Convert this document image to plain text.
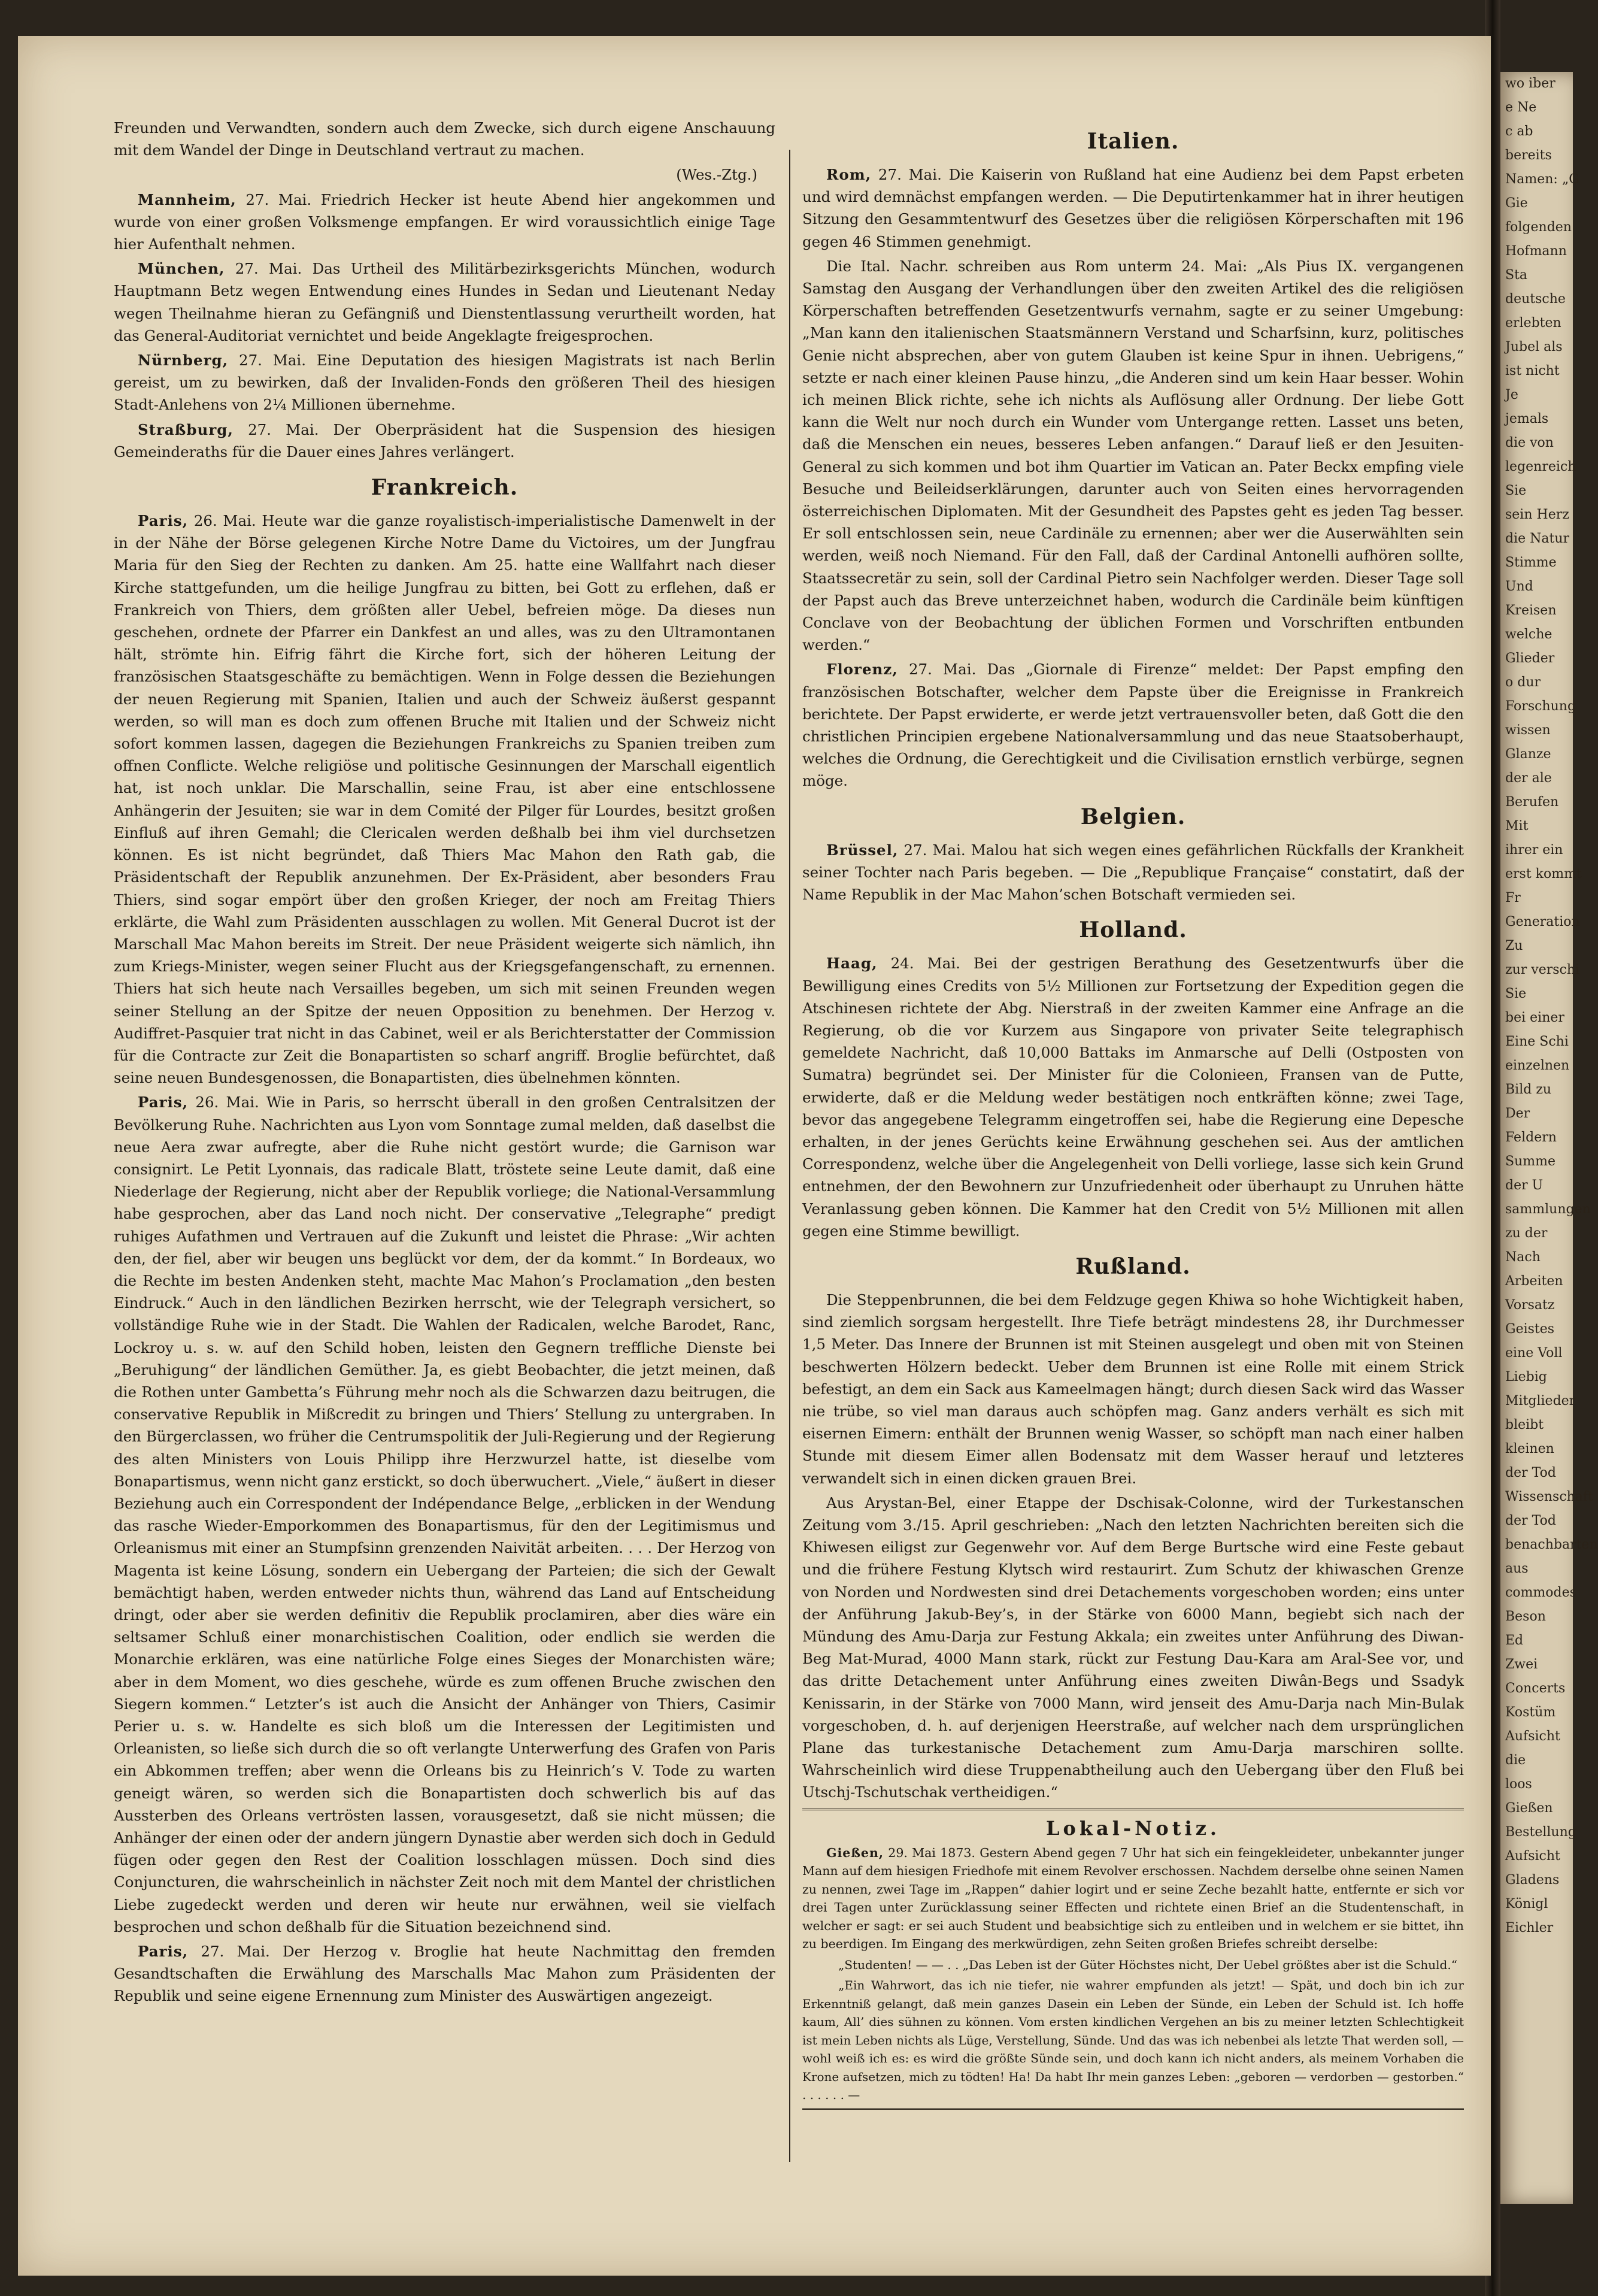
wo iber
e Ne
c ab
bereits
Namen: „G
Gie
folgenden
Hofmann
Sta
deutsche
erlebten
Jubel als
ist nicht
Je
jemals
die von
legenreich
Sie
sein Herz
die Natur
Stimme
Und
Kreisen
welche
Glieder
o dur
Forschung
wissen
Glanze
der ale
Berufen
Mit
ihrer ein
erst kommt
Fr
Generation
Zu
zur verschi
Sie
bei einer
Eine Schi
einzelnen
Bild zu
Der
Feldern
Summe
der U
sammlungen
zu der
Nach
Arbeiten
Vorsatz
Geistes
eine Voll
Liebig
Mitglieder
bleibt
kleinen
der Tod
Wissenschaft
der Tod
benachbarten
aus
commodes
Beson
Ed
Zwei
Concerts
Kostüm
Aufsicht
die
loos
Gießen
Bestellung
Aufsicht
Gladens
Königl
Eichler

Freunden und Verwandten, sondern auch dem Zwecke, sich durch eigene Anschauung mit dem Wandel der Dinge in Deutschland vertraut zu machen.

(Wes.-Ztg.)

Mannheim, 27. Mai. Friedrich Hecker ist heute Abend hier angekommen und wurde von einer großen Volksmenge empfangen. Er wird voraussichtlich einige Tage hier Aufenthalt nehmen.

München, 27. Mai. Das Urtheil des Militärbezirksgerichts München, wodurch Hauptmann Betz wegen Entwendung eines Hundes in Sedan und Lieutenant Neday wegen Theilnahme hieran zu Gefängniß und Dienstentlassung verurtheilt worden, hat das General-Auditoriat vernichtet und beide Angeklagte freigesprochen.

Nürnberg, 27. Mai. Eine Deputation des hiesigen Magistrats ist nach Berlin gereist, um zu bewirken, daß der Invaliden-Fonds den größeren Theil des hiesigen Stadt-Anlehens von 2¼ Millionen übernehme.

Straßburg, 27. Mai. Der Oberpräsident hat die Suspension des hiesigen Gemeinderaths für die Dauer eines Jahres verlängert.

Frankreich.

Paris, 26. Mai. Heute war die ganze royalistisch-imperialistische Damenwelt in der in der Nähe der Börse gelegenen Kirche Notre Dame du Victoires, um der Jungfrau Maria für den Sieg der Rechten zu danken. Am 25. hatte eine Wallfahrt nach dieser Kirche stattgefunden, um die heilige Jungfrau zu bitten, bei Gott zu erflehen, daß er Frankreich von Thiers, dem größten aller Uebel, befreien möge. Da dieses nun geschehen, ordnete der Pfarrer ein Dankfest an und alles, was zu den Ultramontanen hält, strömte hin. Eifrig fährt die Kirche fort, sich der höheren Leitung der französischen Staatsgeschäfte zu bemächtigen. Wenn in Folge dessen die Beziehungen der neuen Regierung mit Spanien, Italien und auch der Schweiz äußerst gespannt werden, so will man es doch zum offenen Bruche mit Italien und der Schweiz nicht sofort kommen lassen, dagegen die Beziehungen Frankreichs zu Spanien treiben zum offnen Conflicte. Welche religiöse und politische Gesinnungen der Marschall eigentlich hat, ist noch unklar. Die Marschallin, seine Frau, ist aber eine entschlossene Anhängerin der Jesuiten; sie war in dem Comité der Pilger für Lourdes, besitzt großen Einfluß auf ihren Gemahl; die Clericalen werden deßhalb bei ihm viel durchsetzen können. Es ist nicht begründet, daß Thiers Mac Mahon den Rath gab, die Präsidentschaft der Republik anzunehmen. Der Ex-Präsident, aber besonders Frau Thiers, sind sogar empört über den großen Krieger, der noch am Freitag Thiers erklärte, die Wahl zum Präsidenten ausschlagen zu wollen. Mit General Ducrot ist der Marschall Mac Mahon bereits im Streit. Der neue Präsident weigerte sich nämlich, ihn zum Kriegs-Minister, wegen seiner Flucht aus der Kriegsgefangenschaft, zu ernennen. Thiers hat sich heute nach Versailles begeben, um sich mit seinen Freunden wegen seiner Stellung an der Spitze der neuen Opposition zu benehmen. Der Herzog v. Audiffret-Pasquier trat nicht in das Cabinet, weil er als Berichterstatter der Commission für die Contracte zur Zeit die Bonapartisten so scharf angriff. Broglie befürchtet, daß seine neuen Bundesgenossen, die Bonapartisten, dies übelnehmen könnten.

Paris, 26. Mai. Wie in Paris, so herrscht überall in den großen Centralsitzen der Bevölkerung Ruhe. Nachrichten aus Lyon vom Sonntage zumal melden, daß daselbst die neue Aera zwar aufregte, aber die Ruhe nicht gestört wurde; die Garnison war consignirt. Le Petit Lyonnais, das radicale Blatt, tröstete seine Leute damit, daß eine Niederlage der Regierung, nicht aber der Republik vorliege; die National-Versammlung habe gesprochen, aber das Land noch nicht. Der conservative „Telegraphe“ predigt ruhiges Aufathmen und Vertrauen auf die Zukunft und leistet die Phrase: „Wir achten den, der fiel, aber wir beugen uns beglückt vor dem, der da kommt.“ In Bordeaux, wo die Rechte im besten Andenken steht, machte Mac Mahon’s Proclamation „den besten Eindruck.“ Auch in den ländlichen Bezirken herrscht, wie der Telegraph versichert, so vollständige Ruhe wie in der Stadt. Die Wahlen der Radicalen, welche Barodet, Ranc, Lockroy u. s. w. auf den Schild hoben, leisten den Gegnern treffliche Dienste bei „Beruhigung“ der ländlichen Gemüther. Ja, es giebt Beobachter, die jetzt meinen, daß die Rothen unter Gambetta’s Führung mehr noch als die Schwarzen dazu beitrugen, die conservative Republik in Mißcredit zu bringen und Thiers’ Stellung zu untergraben. In den Bürgerclassen, wo früher die Centrumspolitik der Juli-Regierung und der Regierung des alten Ministers von Louis Philipp ihre Herzwurzel hatte, ist dieselbe vom Bonapartismus, wenn nicht ganz erstickt, so doch überwuchert. „Viele,“ äußert in dieser Beziehung auch ein Correspondent der Indépendance Belge, „erblicken in der Wendung das rasche Wieder-Emporkommen des Bonapartismus, für den der Legitimismus und Orleanismus mit einer an Stumpfsinn grenzenden Naivität arbeiten. . . . Der Herzog von Magenta ist keine Lösung, sondern ein Uebergang der Parteien; die sich der Gewalt bemächtigt haben, werden entweder nichts thun, während das Land auf Entscheidung dringt, oder aber sie werden definitiv die Republik proclamiren, aber dies wäre ein seltsamer Schluß einer monarchistischen Coalition, oder endlich sie werden die Monarchie erklären, was eine natürliche Folge eines Sieges der Monarchisten wäre; aber in dem Moment, wo dies geschehe, würde es zum offenen Bruche zwischen den Siegern kommen.“ Letzter’s ist auch die Ansicht der Anhänger von Thiers, Casimir Perier u. s. w. Handelte es sich bloß um die Interessen der Legitimisten und Orleanisten, so ließe sich durch die so oft verlangte Unterwerfung des Grafen von Paris ein Abkommen treffen; aber wenn die Orleans bis zu Heinrich’s V. Tode zu warten geneigt wären, so werden sich die Bonapartisten doch schwerlich bis auf das Aussterben des Orleans vertrösten lassen, vorausgesetzt, daß sie nicht müssen; die Anhänger der einen oder der andern jüngern Dynastie aber werden sich doch in Geduld fügen oder gegen den Rest der Coalition losschlagen müssen. Doch sind dies Conjuncturen, die wahrscheinlich in nächster Zeit noch mit dem Mantel der christlichen Liebe zugedeckt werden und deren wir heute nur erwähnen, weil sie vielfach besprochen und schon deßhalb für die Situation bezeichnend sind.

Paris, 27. Mai. Der Herzog v. Broglie hat heute Nachmittag den fremden Gesandtschaften die Erwählung des Marschalls Mac Mahon zum Präsidenten der Republik und seine eigene Ernennung zum Minister des Auswärtigen angezeigt.

Italien.

Rom, 27. Mai. Die Kaiserin von Rußland hat eine Audienz bei dem Papst erbeten und wird demnächst empfangen werden. — Die Deputirtenkammer hat in ihrer heutigen Sitzung den Gesammtentwurf des Gesetzes über die religiösen Körperschaften mit 196 gegen 46 Stimmen genehmigt.

Die Ital. Nachr. schreiben aus Rom unterm 24. Mai: „Als Pius IX. vergangenen Samstag den Ausgang der Verhandlungen über den zweiten Artikel des die religiösen Körperschaften betreffenden Gesetzentwurfs vernahm, sagte er zu seiner Umgebung: „Man kann den italienischen Staatsmännern Verstand und Scharfsinn, kurz, politisches Genie nicht absprechen, aber von gutem Glauben ist keine Spur in ihnen. Uebrigens,“ setzte er nach einer kleinen Pause hinzu, „die Anderen sind um kein Haar besser. Wohin ich meinen Blick richte, sehe ich nichts als Auflösung aller Ordnung. Der liebe Gott kann die Welt nur noch durch ein Wunder vom Untergange retten. Lasset uns beten, daß die Menschen ein neues, besseres Leben anfangen.“ Darauf ließ er den Jesuiten-General zu sich kommen und bot ihm Quartier im Vatican an. Pater Beckx empfing viele Besuche und Beileidserklärungen, darunter auch von Seiten eines hervorragenden österreichischen Diplomaten. Mit der Gesundheit des Papstes geht es jeden Tag besser. Er soll entschlossen sein, neue Cardinäle zu ernennen; aber wer die Auserwählten sein werden, weiß noch Niemand. Für den Fall, daß der Cardinal Antonelli aufhören sollte, Staatssecretär zu sein, soll der Cardinal Pietro sein Nachfolger werden. Dieser Tage soll der Papst auch das Breve unterzeichnet haben, wodurch die Cardinäle beim künftigen Conclave von der Beobachtung der üblichen Formen und Vorschriften entbunden werden.“

Florenz, 27. Mai. Das „Giornale di Firenze“ meldet: Der Papst empfing den französischen Botschafter, welcher dem Papste über die Ereignisse in Frankreich berichtete. Der Papst erwiderte, er werde jetzt vertrauensvoller beten, daß Gott die den christlichen Principien ergebene Nationalversammlung und das neue Staatsoberhaupt, welches die Ordnung, die Gerechtigkeit und die Civilisation ernstlich verbürge, segnen möge.

Belgien.

Brüssel, 27. Mai. Malou hat sich wegen eines gefährlichen Rückfalls der Krankheit seiner Tochter nach Paris begeben. — Die „Republique Française“ constatirt, daß der Name Republik in der Mac Mahon’schen Botschaft vermieden sei.

Holland.

Haag, 24. Mai. Bei der gestrigen Berathung des Gesetzentwurfs über die Bewilligung eines Credits von 5½ Millionen zur Fortsetzung der Expedition gegen die Atschinesen richtete der Abg. Nierstraß in der zweiten Kammer eine Anfrage an die Regierung, ob die vor Kurzem aus Singapore von privater Seite telegraphisch gemeldete Nachricht, daß 10,000 Battaks im Anmarsche auf Delli (Ostposten von Sumatra) begründet sei. Der Minister für die Colonieen, Fransen van de Putte, erwiderte, daß er die Meldung weder bestätigen noch entkräften könne; zwei Tage, bevor das angegebene Telegramm eingetroffen sei, habe die Regierung eine Depesche erhalten, in der jenes Gerüchts keine Erwähnung geschehen sei. Aus der amtlichen Correspondenz, welche über die Angelegenheit von Delli vorliege, lasse sich kein Grund entnehmen, der den Bewohnern zur Unzufriedenheit oder überhaupt zu Unruhen hätte Veranlassung geben können. Die Kammer hat den Credit von 5½ Millionen mit allen gegen eine Stimme bewilligt.

Rußland.

Die Steppenbrunnen, die bei dem Feldzuge gegen Khiwa so hohe Wichtigkeit haben, sind ziemlich sorgsam hergestellt. Ihre Tiefe beträgt mindestens 28, ihr Durchmesser 1,5 Meter. Das Innere der Brunnen ist mit Steinen ausgelegt und oben mit von Steinen beschwerten Hölzern bedeckt. Ueber dem Brunnen ist eine Rolle mit einem Strick befestigt, an dem ein Sack aus Kameelmagen hängt; durch diesen Sack wird das Wasser nie trübe, so viel man daraus auch schöpfen mag. Ganz anders verhält es sich mit eisernen Eimern: enthält der Brunnen wenig Wasser, so schöpft man nach einer halben Stunde mit diesem Eimer allen Bodensatz mit dem Wasser herauf und letzteres verwandelt sich in einen dicken grauen Brei.

Aus Arystan-Bel, einer Etappe der Dschisak-Colonne, wird der Turkestanschen Zeitung vom 3./15. April geschrieben: „Nach den letzten Nachrichten bereiten sich die Khiwesen eiligst zur Gegenwehr vor. Auf dem Berge Burtsche wird eine Feste gebaut und die frühere Festung Klytsch wird restaurirt. Zum Schutz der khiwaschen Grenze von Norden und Nordwesten sind drei Detachements vorgeschoben worden; eins unter der Anführung Jakub-Bey’s, in der Stärke von 6000 Mann, begiebt sich nach der Mündung des Amu-Darja zur Festung Akkala; ein zweites unter Anführung des Diwan-Beg Mat-Murad, 4000 Mann stark, rückt zur Festung Dau-Kara am Aral-See vor, und das dritte Detachement unter Anführung eines zweiten Diwân-Begs und Ssadyk Kenissarin, in der Stärke von 7000 Mann, wird jenseit des Amu-Darja nach Min-Bulak vorgeschoben, d. h. auf derjenigen Heerstraße, auf welcher nach dem ursprünglichen Plane das turkestanische Detachement zum Amu-Darja marschiren sollte. Wahrscheinlich wird diese Truppenabtheilung auch den Uebergang über den Fluß bei Utschj-Tschutschak vertheidigen.“

Lokal-Notiz.

Gießen, 29. Mai 1873. Gestern Abend gegen 7 Uhr hat sich ein feingekleideter, unbekannter junger Mann auf dem hiesigen Friedhofe mit einem Revolver erschossen. Nachdem derselbe ohne seinen Namen zu nennen, zwei Tage im „Rappen“ dahier logirt und er seine Zeche bezahlt hatte, entfernte er sich vor drei Tagen unter Zurücklassung seiner Effecten und richtete einen Brief an die Studentenschaft, in welcher er sagt: er sei auch Student und beabsichtige sich zu entleiben und in welchem er sie bittet, ihn zu beerdigen. Im Eingang des merkwürdigen, zehn Seiten großen Briefes schreibt derselbe:

„Studenten! — — . . „Das Leben ist der Güter Höchstes nicht, Der Uebel größtes aber ist die Schuld.“

„Ein Wahrwort, das ich nie tiefer, nie wahrer empfunden als jetzt! — Spät, und doch bin ich zur Erkenntniß gelangt, daß mein ganzes Dasein ein Leben der Sünde, ein Leben der Schuld ist. Ich hoffe kaum, All’ dies sühnen zu können. Vom ersten kindlichen Vergehen an bis zu meiner letzten Schlechtigkeit ist mein Leben nichts als Lüge, Verstellung, Sünde. Und das was ich nebenbei als letzte That werden soll, — wohl weiß ich es: es wird die größte Sünde sein, und doch kann ich nicht anders, als meinem Vorhaben die Krone aufsetzen, mich zu tödten! Ha! Da habt Ihr mein ganzes Leben: „geboren — verdorben — gestorben.“ . . . . . . —
